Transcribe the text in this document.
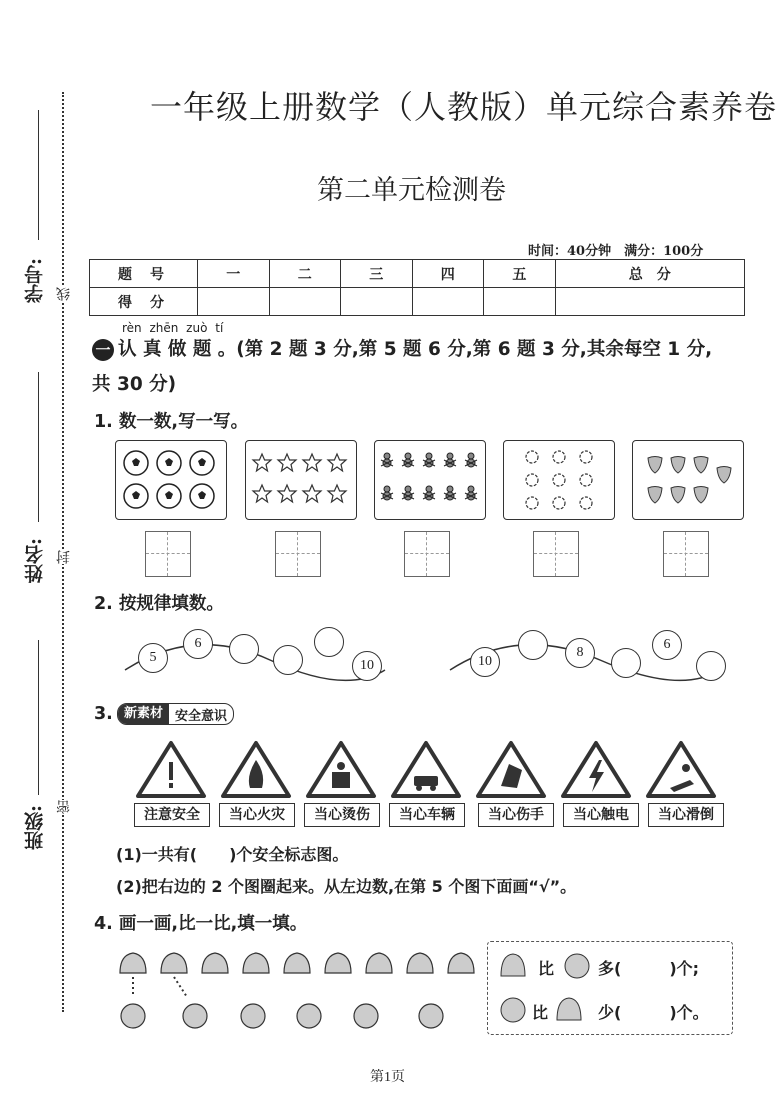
学号: 线
姓名: 封
班级: 密
一年级上册数学（人教版）单元综合素养卷
第二单元检测卷
时间：40分钟　满分：100分
题号	一	二	三	四	五	总　分
得分						
rèn zhēn zuò tí
一 认 真 做 题 。(第 2 题 3 分,第 5 题 6 分,第 6 题 3 分,其余每空 1 分,
共 30 分)
1. 数一数,写一写。
2. 按规律填数。
5
6
10	10
8
6
3. 新素材 安全意识
注意安全	当心火灾	当心烫伤	当心车辆	当心伤手	当心触电	当心滑倒
(1)一共有(　　)个安全标志图。
(2)把右边的 2 个图圈起来。从左边数,在第 5 个图下面画“√”。
4. 画一画,比一比,填一填。
比	多(　　　)个;
比	少(　　　)个。
第1页
